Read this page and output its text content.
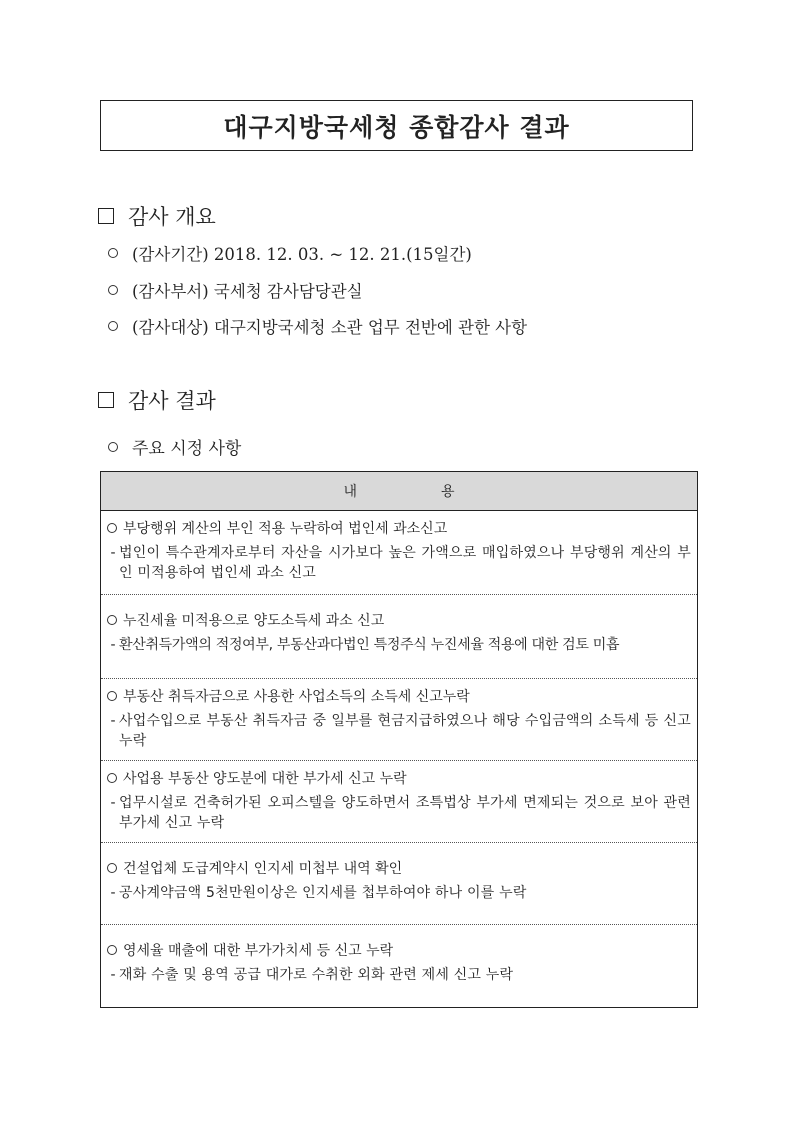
대구지방국세청 종합감사 결과
감사 개요
(감사기간) 2018. 12. 03. ~ 12. 21.(15일간)
(감사부서) 국세청 감사담당관실
(감사대상) 대구지방국세청 소관 업무 전반에 관한 사항
감사 결과
주요 시정 사항
내	용
부당행위 계산의 부인 적용 누락하여 법인세 과소신고
- 법인이 특수관계자로부터 자산을 시가보다 높은 가액으로 매입하였으나 부당행위 계산의 부인 미적용하여 법인세 과소 신고
누진세율 미적용으로 양도소득세 과소 신고
- 환산취득가액의 적정여부, 부동산과다법인 특정주식 누진세율 적용에 대한 검토 미흡
부동산 취득자금으로 사용한 사업소득의 소득세 신고누락
- 사업수입으로 부동산 취득자금 중 일부를 현금지급하였으나 해당 수입금액의 소득세 등 신고 누락
사업용 부동산 양도분에 대한 부가세 신고 누락
- 업무시설로 건축허가된 오피스텔을 양도하면서 조특법상 부가세 면제되는 것으로 보아 관련 부가세 신고 누락
건설업체 도급계약시 인지세 미첩부 내역 확인
- 공사계약금액 5천만원이상은 인지세를 첩부하여야 하나 이를 누락
영세율 매출에 대한 부가가치세 등 신고 누락
- 재화 수출 및 용역 공급 대가로 수취한 외화 관련 제세 신고 누락
